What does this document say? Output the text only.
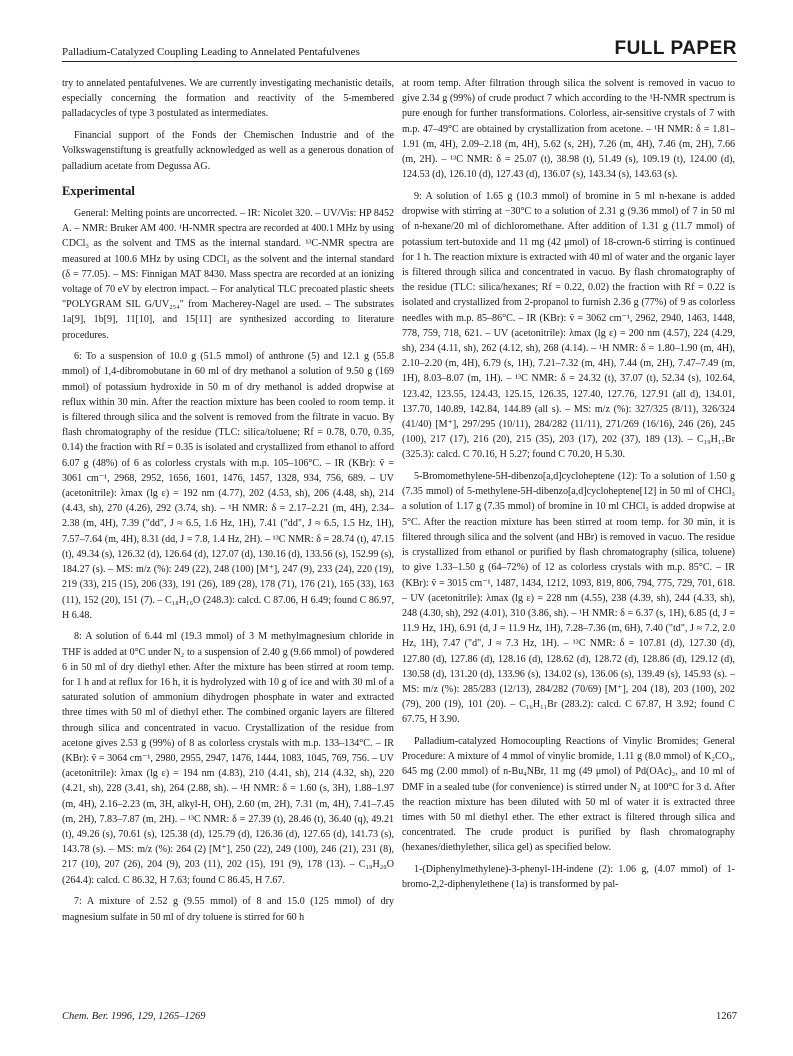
Palladium-Catalyzed Coupling Leading to Annelated Pentafulvenes	FULL PAPER

try to annelated pentafulvenes. We are currently investigating mechanistic details, especially concerning the formation and reactivity of the 5-membered palladacycles of type 3 postulated as intermediates.

Financial support of the Fonds der Chemischen Industrie and of the Volkswagenstiftung is greatfully acknowledged as well as a generous donation of palladium acetate from Degussa AG.

Experimental

General: Melting points are uncorrected. – IR: Nicolet 320. – UV/Vis: HP 8452 A. – NMR: Bruker AM 400. ¹H-NMR spectra are recorded at 400.1 MHz by using CDCl₃ as the solvent and TMS as the internal standard. ¹³C-NMR spectra are measured at 100.6 MHz by using CDCl₃ as the solvent and the internal standard (δ = 77.05). – MS: Finnigan MAT 8430. Mass spectra are recorded at an ionizing voltage of 70 eV by electron impact. – For analytical TLC precoated plastic sheets "POLYGRAM SIL G/UV₂₅₄" from Macherey-Nagel are used. – The substrates 1a[9], 1b[9], 11[10], and 15[11] are synthesized according to literature procedures.

6: To a suspension of 10.0 g (51.5 mmol) of anthrone (5) and 12.1 g (55.8 mmol) of 1,4-dibromobutane in 60 ml of dry methanol a solution of 9.50 g (169 mmol) of potassium hydroxide in 50 m of dry methanol is added dropwise at reflux within 30 min. After the reaction mixture has been cooled to room temp. it is filtered through silica and the solvent is removed from the filtrate in vacuo. By flash chromatography of the residue (TLC: silica/toluene; Rf = 0.78, 0.70, 0.35, 0.14) the fraction with Rf = 0.35 is isolated and crystallized from ethanol to afford 6.07 g (48%) of 6 as colorless crystals with m.p. 105–106°C. – IR (KBr): ṽ = 3061 cm⁻¹, 2968, 2952, 1656, 1601, 1476, 1457, 1328, 934, 756, 689. – UV (acetonitrile): λmax (lg ε) = 192 nm (4.77), 202 (4.53, sh), 206 (4.48, sh), 214 (4.43, sh), 270 (4.26), 292 (3.74, sh). – ¹H NMR: δ = 2.17–2.21 (m, 4H), 2.34–2.38 (m, 4H), 7.39 ("dd", J ≈ 6.5, 1.6 Hz, 1H), 7.41 ("dd", J ≈ 6.5, 1.5 Hz, 1H), 7.57–7.64 (m, 4H), 8.31 (dd, J = 7.8, 1.4 Hz, 2H). – ¹³C NMR: δ = 28.74 (t), 47.15 (t), 49.34 (s), 126.32 (d), 126.64 (d), 127.07 (d), 130.16 (d), 133.56 (s), 152.99 (s), 184.27 (s). – MS: m/z (%): 249 (22), 248 (100) [M⁺], 247 (9), 233 (24), 220 (19), 219 (33), 215 (15), 206 (33), 191 (26), 189 (28), 178 (71), 176 (21), 165 (33), 163 (11), 152 (20), 151 (7). – C₁₈H₁₆O (248.3): calcd. C 87.06, H 6.49; found C 86.97, H 6.48.

8: A solution of 6.44 ml (19.3 mmol) of 3 M methylmagnesium chloride in THF is added at 0°C under N₂ to a suspension of 2.40 g (9.66 mmol) of powdered 6 in 50 ml of dry diethyl ether. After the mixture has been stirred at room temp. for 1 h and at reflux for 16 h, it is hydrolyzed with 10 g of ice and with 30 ml of a saturated solution of ammonium dihydrogen phosphate in water and extracted three times with 50 ml of diethyl ether. The combined organic layers are filtered through silica and concentrated in vacuo. Crystallization of the residue from acetone gives 2.53 g (99%) of 8 as colorless crystals with m.p. 133–134°C. – IR (KBr): ṽ = 3064 cm⁻¹, 2980, 2955, 2947, 1476, 1444, 1083, 1045, 769, 756. – UV (acetonitrile): λmax (lg ε) = 194 nm (4.83), 210 (4.41, sh), 214 (4.32, sh), 220 (4.21, sh), 228 (3.41, sh), 264 (2.88, sh). – ¹H NMR: δ = 1.60 (s, 3H), 1.88–1.97 (m, 4H), 2.16–2.23 (m, 3H, alkyl-H, OH), 2.60 (m, 2H), 7.31 (m, 4H), 7.41–7.45 (m, 2H), 7.83–7.87 (m, 2H). – ¹³C NMR: δ = 27.39 (t), 28.46 (t), 36.40 (q), 49.21 (t), 49.26 (s), 70.61 (s), 125.38 (d), 125.79 (d), 126.36 (d), 127.65 (d), 141.73 (s), 143.78 (s). – MS: m/z (%): 264 (2) [M⁺], 250 (22), 249 (100), 246 (21), 231 (8), 217 (10), 207 (26), 204 (9), 203 (11), 202 (15), 191 (9), 178 (13). – C₁₉H₂₀O (264.4): calcd. C 86.32, H 7.63; found C 86.45, H 7.67.

7: A mixture of 2.52 g (9.55 mmol) of 8 and 15.0 (125 mmol) of dry magnesium sulfate in 50 ml of dry toluene is stirred for 60 h

at room temp. After filtration through silica the solvent is removed in vacuo to give 2.34 g (99%) of crude product 7 which according to the ¹H-NMR spectrum is pure enough for further transformations. Colorless, air-sensitive crystals of 7 with m.p. 47–49°C are obtained by crystallization from acetone. – ¹H NMR: δ = 1.81–1.91 (m, 4H), 2.09–2.18 (m, 4H), 5.62 (s, 2H), 7.26 (m, 4H), 7.46 (m, 2H), 7.66 (m, 2H). – ¹³C NMR: δ = 25.07 (t), 38.98 (t), 51.49 (s), 109.19 (t), 124.00 (d), 124.53 (d), 126.10 (d), 127.43 (d), 136.07 (s), 143.34 (s), 143.63 (s).

9: A solution of 1.65 g (10.3 mmol) of bromine in 5 ml n-hexane is added dropwise with stirring at −30°C to a solution of 2.31 g (9.36 mmol) of 7 in 50 ml of n-hexane/20 ml of dichloromethane. After addition of 1.31 g (11.7 mmol) of potassium tert-butoxide and 11 mg (42 μmol) of 18-crown-6 stirring is continued for 1 h. The reaction mixture is extracted with 40 ml of water and the organic layer is filtered through silica and concentrated in vacuo. By flash chromatography of the residue (TLC: silica/hexanes; Rf = 0.22, 0.02) the fraction with Rf = 0.22 is isolated and crystallized from 2-propanol to furnish 2.36 g (77%) of 9 as colorless needles with m.p. 85–86°C. – IR (KBr): ṽ = 3062 cm⁻¹, 2962, 2940, 1463, 1448, 778, 759, 718, 621. – UV (acetonitrile): λmax (lg ε) = 200 nm (4.57), 224 (4.29, sh), 234 (4.11, sh), 262 (4.12, sh), 268 (4.14). – ¹H NMR: δ = 1.80–1.90 (m, 4H), 2.10–2.20 (m, 4H), 6.79 (s, 1H), 7.21–7.32 (m, 4H), 7.44 (m, 2H), 7.47–7.49 (m, 1H), 8.03–8.07 (m, 1H). – ¹³C NMR: δ = 24.32 (t), 37.07 (t), 52.34 (s), 102.64, 123.42, 123.55, 124.43, 125.15, 126.35, 127.40, 127.76, 127.91 (all d), 134.01, 137.70, 140.89, 142.84, 144.89 (all s). – MS: m/z (%): 327/325 (8/11), 326/324 (41/40) [M⁺], 297/295 (10/11), 284/282 (11/11), 271/269 (16/16), 246 (26), 245 (100), 217 (17), 216 (20), 215 (35), 203 (17), 202 (37), 189 (13). – C₁₉H₁₇Br (325.3): calcd. C 70.16, H 5.27; found C 70.20, H 5.30.

5-Bromomethylene-5H-dibenzo[a,d]cycloheptene (12): To a solution of 1.50 g (7.35 mmol) of 5-methylene-5H-dibenzo[a,d]cycloheptene[12] in 50 ml of CHCl₃ a solution of 1.17 g (7.35 mmol) of bromine in 10 ml CHCl₃ is added dropwise at 5°C. After the reaction mixture has been stirred at room temp. for 30 min, it is filtered through silica and the solvent (and HBr) is removed in vacuo. The residue is crystallized from ethanol or purified by flash chromatography (silica, toluene) to give 1.33–1.50 g (64–72%) of 12 as colorless crystals with m.p. 85°C. – IR (KBr): ṽ = 3015 cm⁻¹, 1487, 1434, 1212, 1093, 819, 806, 794, 775, 729, 701, 618. – UV (acetonitrile): λmax (lg ε) = 228 nm (4.55), 238 (4.39, sh), 244 (4.33, sh), 248 (4.30, sh), 292 (4.01), 310 (3.86, sh). – ¹H NMR: δ = 6.37 (s, 1H), 6.85 (d, J = 11.9 Hz, 1H), 6.91 (d, J = 11.9 Hz, 1H), 7.28–7.36 (m, 6H), 7.40 ("td", J ≈ 7.2, 2.0 Hz, 1H), 7.47 ("d", J ≈ 7.3 Hz, 1H). – ¹³C NMR: δ = 107.81 (d), 127.30 (d), 127.80 (d), 127.86 (d), 128.16 (d), 128.62 (d), 128.72 (d), 128.86 (d), 129.12 (d), 130.58 (d), 131.20 (d), 133.96 (s), 134.02 (s), 136.06 (s), 139.49 (s), 145.93 (s). – MS: m/z (%): 285/283 (12/13), 284/282 (70/69) [M⁺], 204 (18), 203 (100), 202 (79), 200 (19), 101 (20). – C₁₆H₁₁Br (283.2): calcd. C 67.87, H 3.92; found C 67.75, H 3.90.

Palladium-catalyzed Homocoupling Reactions of Vinylic Bromides; General Procedure: A mixture of 4 mmol of vinylic bromide, 1.11 g (8.0 mmol) of K₂CO₃, 645 mg (2.00 mmol) of n-Bu₄NBr, 11 mg (49 μmol) of Pd(OAc)₂, and 10 ml of DMF in a sealed tube (for convenience) is stirred under N₂ at 100°C for 3 d. After the reaction mixture has been diluted with 50 ml of water it is extracted three times with 50 ml diethyl ether. The ether extract is filtered through silica and concentrated. The crude product is purified by flash chromatography (hexanes/diethylether, silica gel) as specified below.

1-(Diphenylmethylene)-3-phenyl-1H-indene (2): 1.06 g, (4.07 mmol) of 1-bromo-2,2-diphenylethene (1a) is transformed by pal-

Chem. Ber. 1996, 129, 1265–1269	1267
